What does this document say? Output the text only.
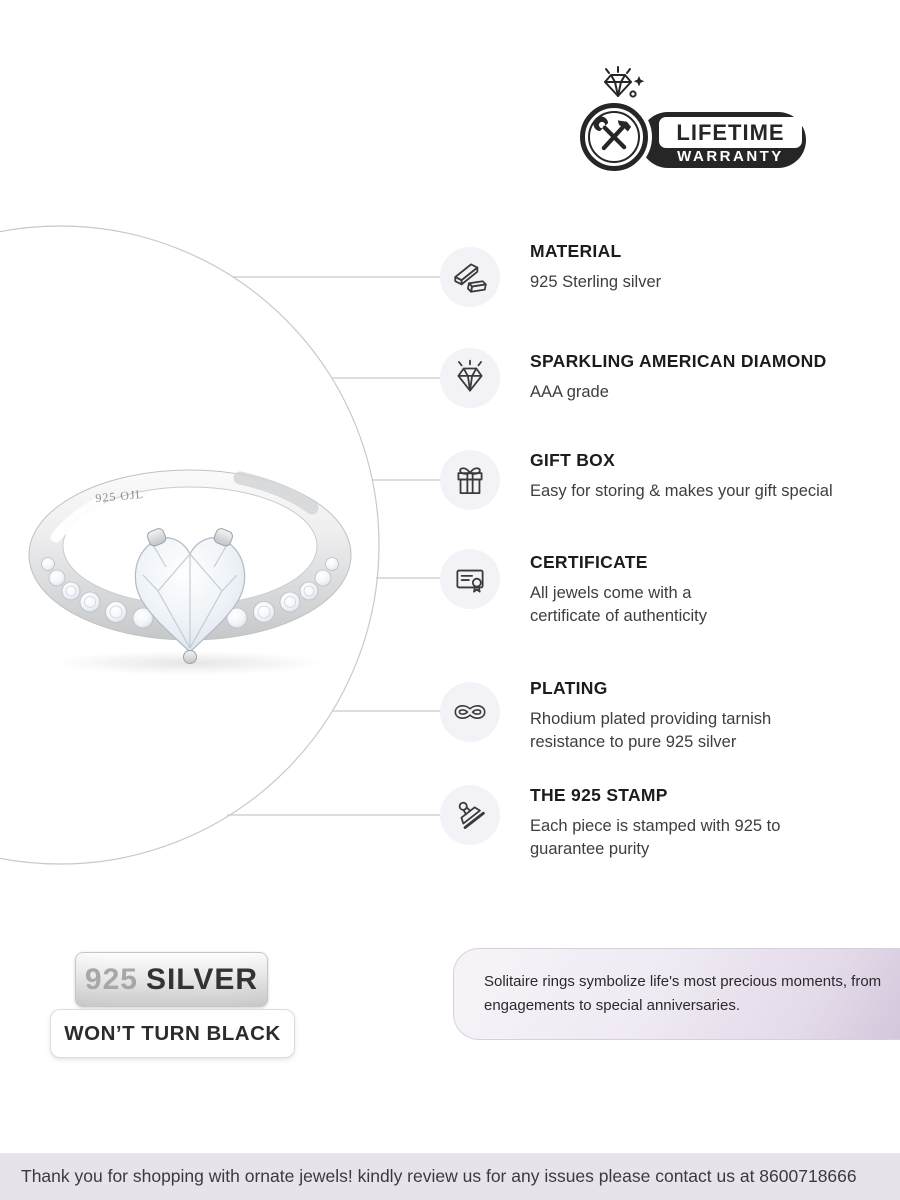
925 OJL
LIFETIME
WARRANTY
MATERIAL
925 Sterling silver
SPARKLING AMERICAN DIAMOND
AAA grade
GIFT BOX
Easy for storing & makes your gift special
CERTIFICATE
All jewels come with a certificate of authenticity
PLATING
Rhodium plated providing tarnish resistance to pure 925 silver
THE 925 STAMP
Each piece is stamped with 925 to guarantee purity
925 SILVER
WON’T TURN BLACK
Solitaire rings symbolize life's most precious moments, from engagements to special anniversaries.
Thank you for shopping with ornate jewels! kindly review us for any issues please contact us at 8600718666
